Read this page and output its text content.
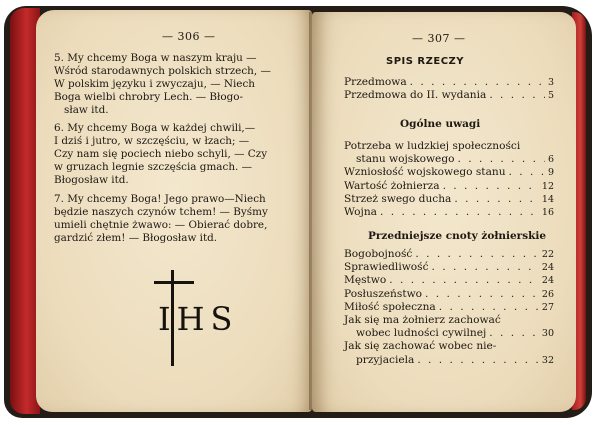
— 306 —
5. My chcemy Boga w naszym kraju —
Wśród starodawnych polskich strzech, —
W polskim języku i zwyczaju, — Niech
Boga wielbi chrobry Lech. — Błogo-
sław itd.
6. My chcemy Boga w każdej chwili,—
I dziś i jutro, w szczęściu, w łzach; —
Czy nam się pociech niebo schyli, — Czy
w gruzach legnie szczęścia gmach. —
Błogosław itd.
7. My chcemy Boga! Jego prawo—Niech
będzie naszych czynów tchem! — Byśmy
umieli chętnie żwawo: — Obierać dobre,
gardzić złem! — Błogosław itd.
IHS
— 307 —
SPIS RZECZY
Przedmowa . . .	3
Przedmowa do II. wydania . . .	5
Ogólne uwagi
Potrzeba w ludzkiej społeczności
stanu wojskowego . . .	6
Wzniosłość wojskowego stanu . . .	9
Wartość żołnierza . . .	12
Strzeż swego ducha . . .	14
Wojna . . .	16
Przedniejsze cnoty żołnierskie
Bogobojność . . .	22
Sprawiedliwość . . .	24
Męstwo . . .	24
Posłuszeństwo . . .	26
Miłość społeczna . . .	27
Jak się ma żołnierz zachować
wobec ludności cywilnej . . .	30
Jak się zachować wobec nie-
przyjaciela . . .	32
